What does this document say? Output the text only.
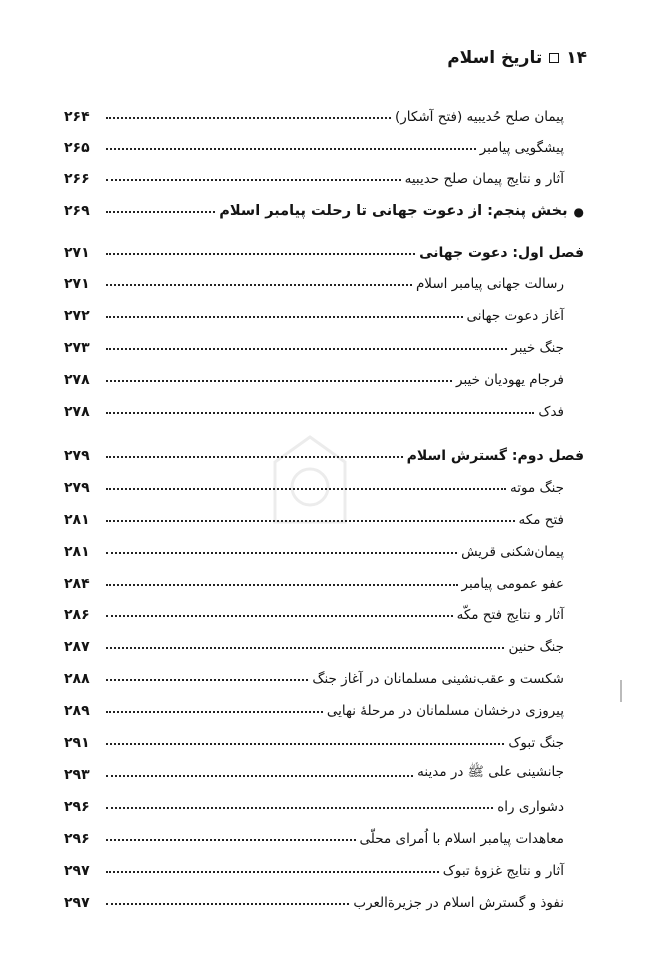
۱۴
تاریخ اسلام
پیمان صلح حُدیبیه (فتح آشکار)
۲۶۴
پیشگویی پیامبر
۲۶۵
آثار و نتایج پیمان صلح حدیبیه
۲۶۶
●
بخش پنجم: از دعوت جهانی تا رحلت پیامبر اسلام
۲۶۹
فصل اول: دعوت جهانی
۲۷۱
رسالت جهانی پیامبر اسلام
۲۷۱
آغاز دعوت جهانی
۲۷۲
جنگ خیبر
۲۷۳
فرجام یهودیان خیبر
۲۷۸
فدک
۲۷۸
فصل دوم: گسترش اسلام
۲۷۹
جنگ موته
۲۷۹
فتح مکه
۲۸۱
پیمان‌شکنی قریش
۲۸۱
عفو عمومی پیامبر
۲۸۴
آثار و نتایج فتح مکّه
۲۸۶
جنگ حنین
۲۸۷
شکست و عقب‌نشینی مسلمانان در آغاز جنگ
۲۸۸
پیروزی درخشان مسلمانان در مرحلهٔ نهایی
۲۸۹
جنگ تبوک
۲۹۱
جانشینی علی ﷺ در مدینه
۲۹۳
دشواری راه
۲۹۶
معاهدات پیامبر اسلام با اُمرای محلّی
۲۹۶
آثار و نتایج غزوهٔ تبوک
۲۹۷
نفوذ و گسترش اسلام در جزیرةالعرب
۲۹۷
